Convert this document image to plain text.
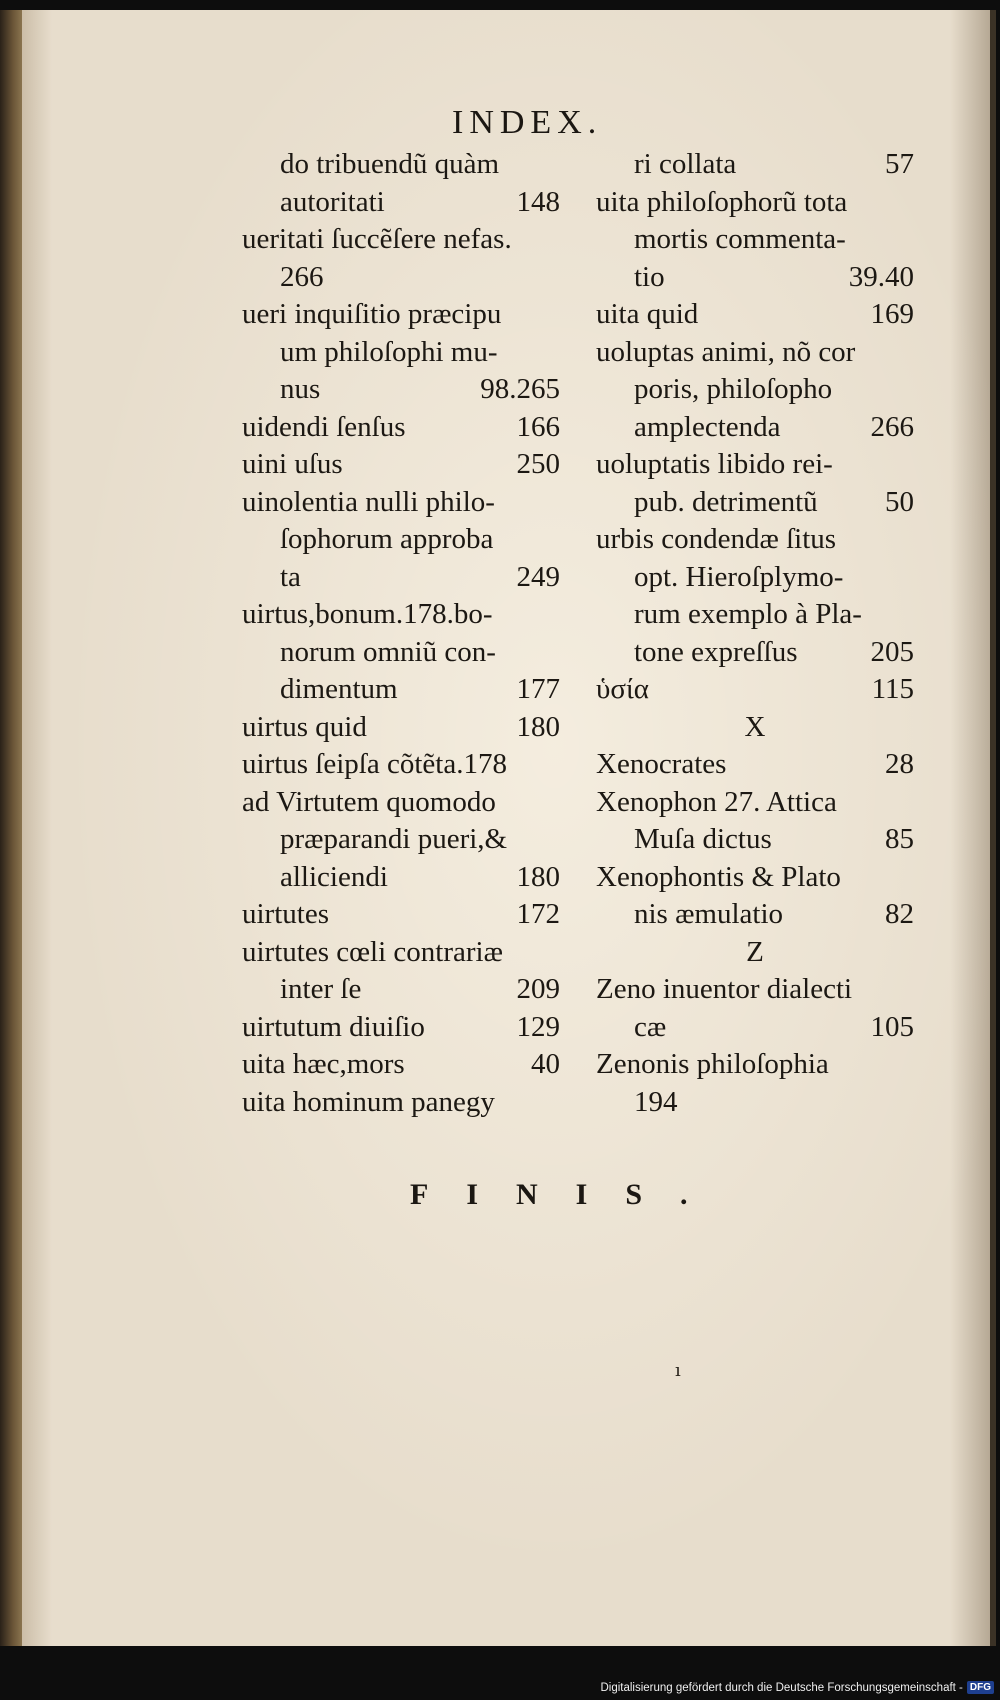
INDEX.
do tribuendũ quàm
autoritati	148
ueritati ſuccẽſere nefas.
266
ueri inquiſitio præcipu
um philoſophi mu-
nus	98.265
uidendi ſenſus	166
uini uſus	250
uinolentia nulli philo-
ſophorum approba
ta	249
uirtus,bonum.178.bo-
norum omniũ con-
dimentum	177
uirtus quid	180
uirtus ſeipſa cõtẽta.178
ad Virtutem quomodo
præparandi pueri,&
alliciendi	180
uirtutes	172
uirtutes cœli contrariæ
inter ſe	209
uirtutum diuiſio	129
uita hæc,mors	40
uita hominum panegy
ri collata	57
uita philoſophorũ tota
mortis commenta-
tio	39.40
uita quid	169
uoluptas animi, nõ cor
poris, philoſopho
amplectenda	266
uoluptatis libido rei-
pub. detrimentũ 50
urbis condendæ ſitus
opt. Hieroſplymo-
rum exemplo à Pla-
tone expreſſus	205
ὑσία	115
X
Xenocrates	28
Xenophon 27. Attica
Muſa dictus	85
Xenophontis & Plato
nis æmulatio	82
Z
Zeno inuentor dialecti
cæ	105
Zenonis philoſophia
194
FINIS.
ı
Digitalisierung gefördert durch die Deutsche Forschungsgemeinschaft - DFG
